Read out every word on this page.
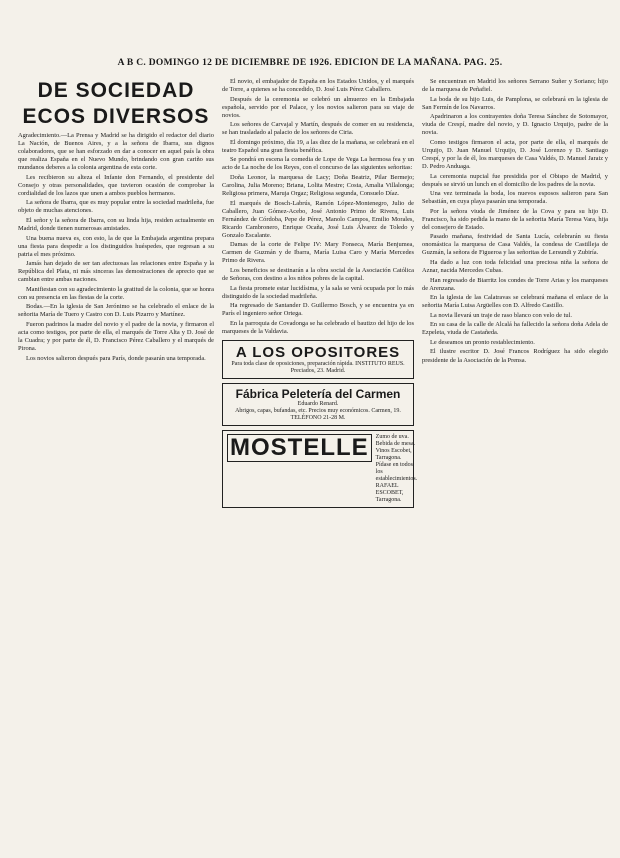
A B C. DOMINGO 12 DE DICIEMBRE DE 1926. EDICION DE LA MAÑANA. PAG. 25.
DE SOCIEDAD
ECOS DIVERSOS

Agradecimiento.—La Prensa y Madrid se ha dirigido el redactor del diario La Nación, de Buenos Aires, y a la señora de Ibarra, sus dignos colaboradores, que se han esforzado en dar a conocer en aquel país la obra que realiza España en el Nuevo Mundo, brindando con gran cariño sus mundanos deberes a la colonia argentina de esta corte.

Les recibieron su alteza el Infante don Fernando, el presidente del Consejo y otras personalidades, que tuvieron ocasión de comprobar la cordialidad de los lazos que unen a ambos pueblos hermanos.

La señora de Ibarra, que es muy popular entre la sociedad madrileña, fue objeto de muchas atenciones.

El señor y la señora de Ibarra, con su linda hija, residen actualmente en Madrid, donde tienen numerosas amistades.

Una buena nueva es, con esto, la de que la Embajada argentina prepara una fiesta para despedir a los distinguidos huéspedes, que regresan a su patria el mes próximo.

Jamás han dejado de ser tan afectuosas las relaciones entre España y la República del Plata, ni más sinceras las demostraciones de aprecio que se cambian entre ambas naciones.

Manifiestan con su agradecimiento la gratitud de la colonia, que se honra con su presencia en las fiestas de la corte.

Bodas.—En la iglesia de San Jerónimo se ha celebrado el enlace de la señorita María de Tuero y Castro con D. Luis Pizarro y Martínez.

Fueron padrinos la madre del novio y el padre de la novia, y firmaron el acta como testigos, por parte de ella, el marqués de Torre Alta y D. José de la Cuadra; y por parte de él, D. Francisco Pérez Caballero y el marqués de Pirona.

Los novios salieron después para París, donde pasarán una temporada.

El novio, el embajador de España en los Estados Unidos, y el marqués de Torre, a quienes se ha concedido, D. José Luis Pérez Caballero.

Después de la ceremonia se celebró un almuerzo en la Embajada española, servido por el Palace, y los novios salieron para su viaje de novios.

Los señores de Carvajal y Martín, después de comer en su residencia, se han trasladado al palacio de los señores de Ciria.

El domingo próximo, día 19, a las diez de la mañana, se celebrará en el teatro Español una gran fiesta benéfica.

Se pondrá en escena la comedia de Lope de Vega La hermosa fea y un acto de La noche de los Reyes, con el concurso de las siguientes señoritas:

Doña Leonor, la marquesa de Lacy; Doña Beatriz, Pilar Bermejo; Carolina, Julia Moreno; Briana, Lolita Mestre; Costa, Amalia Villalonga; Religiosa primera, Maruja Orgaz; Religiosa segunda, Consuelo Díaz.

El marqués de Bosch-Labrús, Ramón López-Montenegro, Julio de Caballero, Juan Gómez-Acebo, José Antonio Primo de Rivera, Luis Fernández de Córdoba, Pepe de Pérez, Manolo Campos, Emilio Morales, Ricardo Cambronero, Enrique Ocaña, José Luis Álvarez de Toledo y Gonzalo Escalante.

Damas de la corte de Felipe IV: Mary Fonseca, María Benjumea, Carmen de Guzmán y de Ibarra, María Luisa Caro y María Mercedes Primo de Rivera.

Los beneficios se destinarán a la obra social de la Asociación Católica de Señoras, con destino a los niños pobres de la capital.

La fiesta promete estar lucidísima, y la sala se verá ocupada por lo más distinguido de la sociedad madrileña.

Ha regresado de Santander D. Guillermo Bosch, y se encuentra ya en París el ingeniero señor Ortega.

En la parroquia de Covadonga se ha celebrado el bautizo del hijo de los marqueses de la Valdavia.

A LOS OPOSITORES
Para toda clase de oposiciones, preparación rápida. INSTITUTO REUS. Preciados, 23. Madrid.
Fábrica Peletería del Carmen
Eduardo Renard.
Abrigos, capas, bufandas, etc. Precios muy económicos. Carmen, 19. TELÉFONO 21-28 M.
MOSTELLE	Zumo de uva. Bebida de mesa. Vinos Escobet, Tarragona. Pídase en todos los establecimientos. RAFAEL ESCOBET, Tarragona.

Se encuentran en Madrid los señores Serrano Suñer y Soriano; hijo de la marquesa de Peñafiel.

La boda de su hijo Luis, de Pamplona, se celebrará en la iglesia de San Fermín de los Navarros.

Apadrinaron a los contrayentes doña Teresa Sánchez de Sotomayor, viuda de Crespí, madre del novio, y D. Ignacio Urquijo, padre de la novia.

Como testigos firmaron el acta, por parte de ella, el marqués de Urquijo, D. Juan Manuel Urquijo, D. José Lorenzo y D. Santiago Crespí, y por la de él, los marqueses de Casa Valdés, D. Manuel Jaraiz y D. Pedro Anduaga.

La ceremonia nupcial fue presidida por el Obispo de Madrid, y después se sirvió un lunch en el domicilio de los padres de la novia.

Una vez terminada la boda, los nuevos esposos salieron para San Sebastián, en cuya playa pasarán una temporada.

Por la señora viuda de Jiménez de la Cova y para su hijo D. Francisco, ha sido pedida la mano de la señorita María Teresa Vara, hija del consejero de Estado.

Pasado mañana, festividad de Santa Lucía, celebrarán su fiesta onomástica la marquesa de Casa Valdés, la condesa de Castilleja de Guzmán, la señora de Figueroa y las señoritas de Lersundi y Zubiría.

Ha dado a luz con toda felicidad una preciosa niña la señora de Aznar, nacida Mercedes Cubas.

Han regresado de Biarritz los condes de Torre Arias y los marqueses de Arenzana.

En la iglesia de las Calatravas se celebrará mañana el enlace de la señorita María Luisa Argüelles con D. Alfredo Castillo.

La novia llevará un traje de raso blanco con velo de tul.

En su casa de la calle de Alcalá ha fallecido la señora doña Adela de Ezpeleta, viuda de Castañeda.

Le deseamos un pronto restablecimiento.

El ilustre escritor D. José Francos Rodríguez ha sido elegido presidente de la Asociación de la Prensa.
